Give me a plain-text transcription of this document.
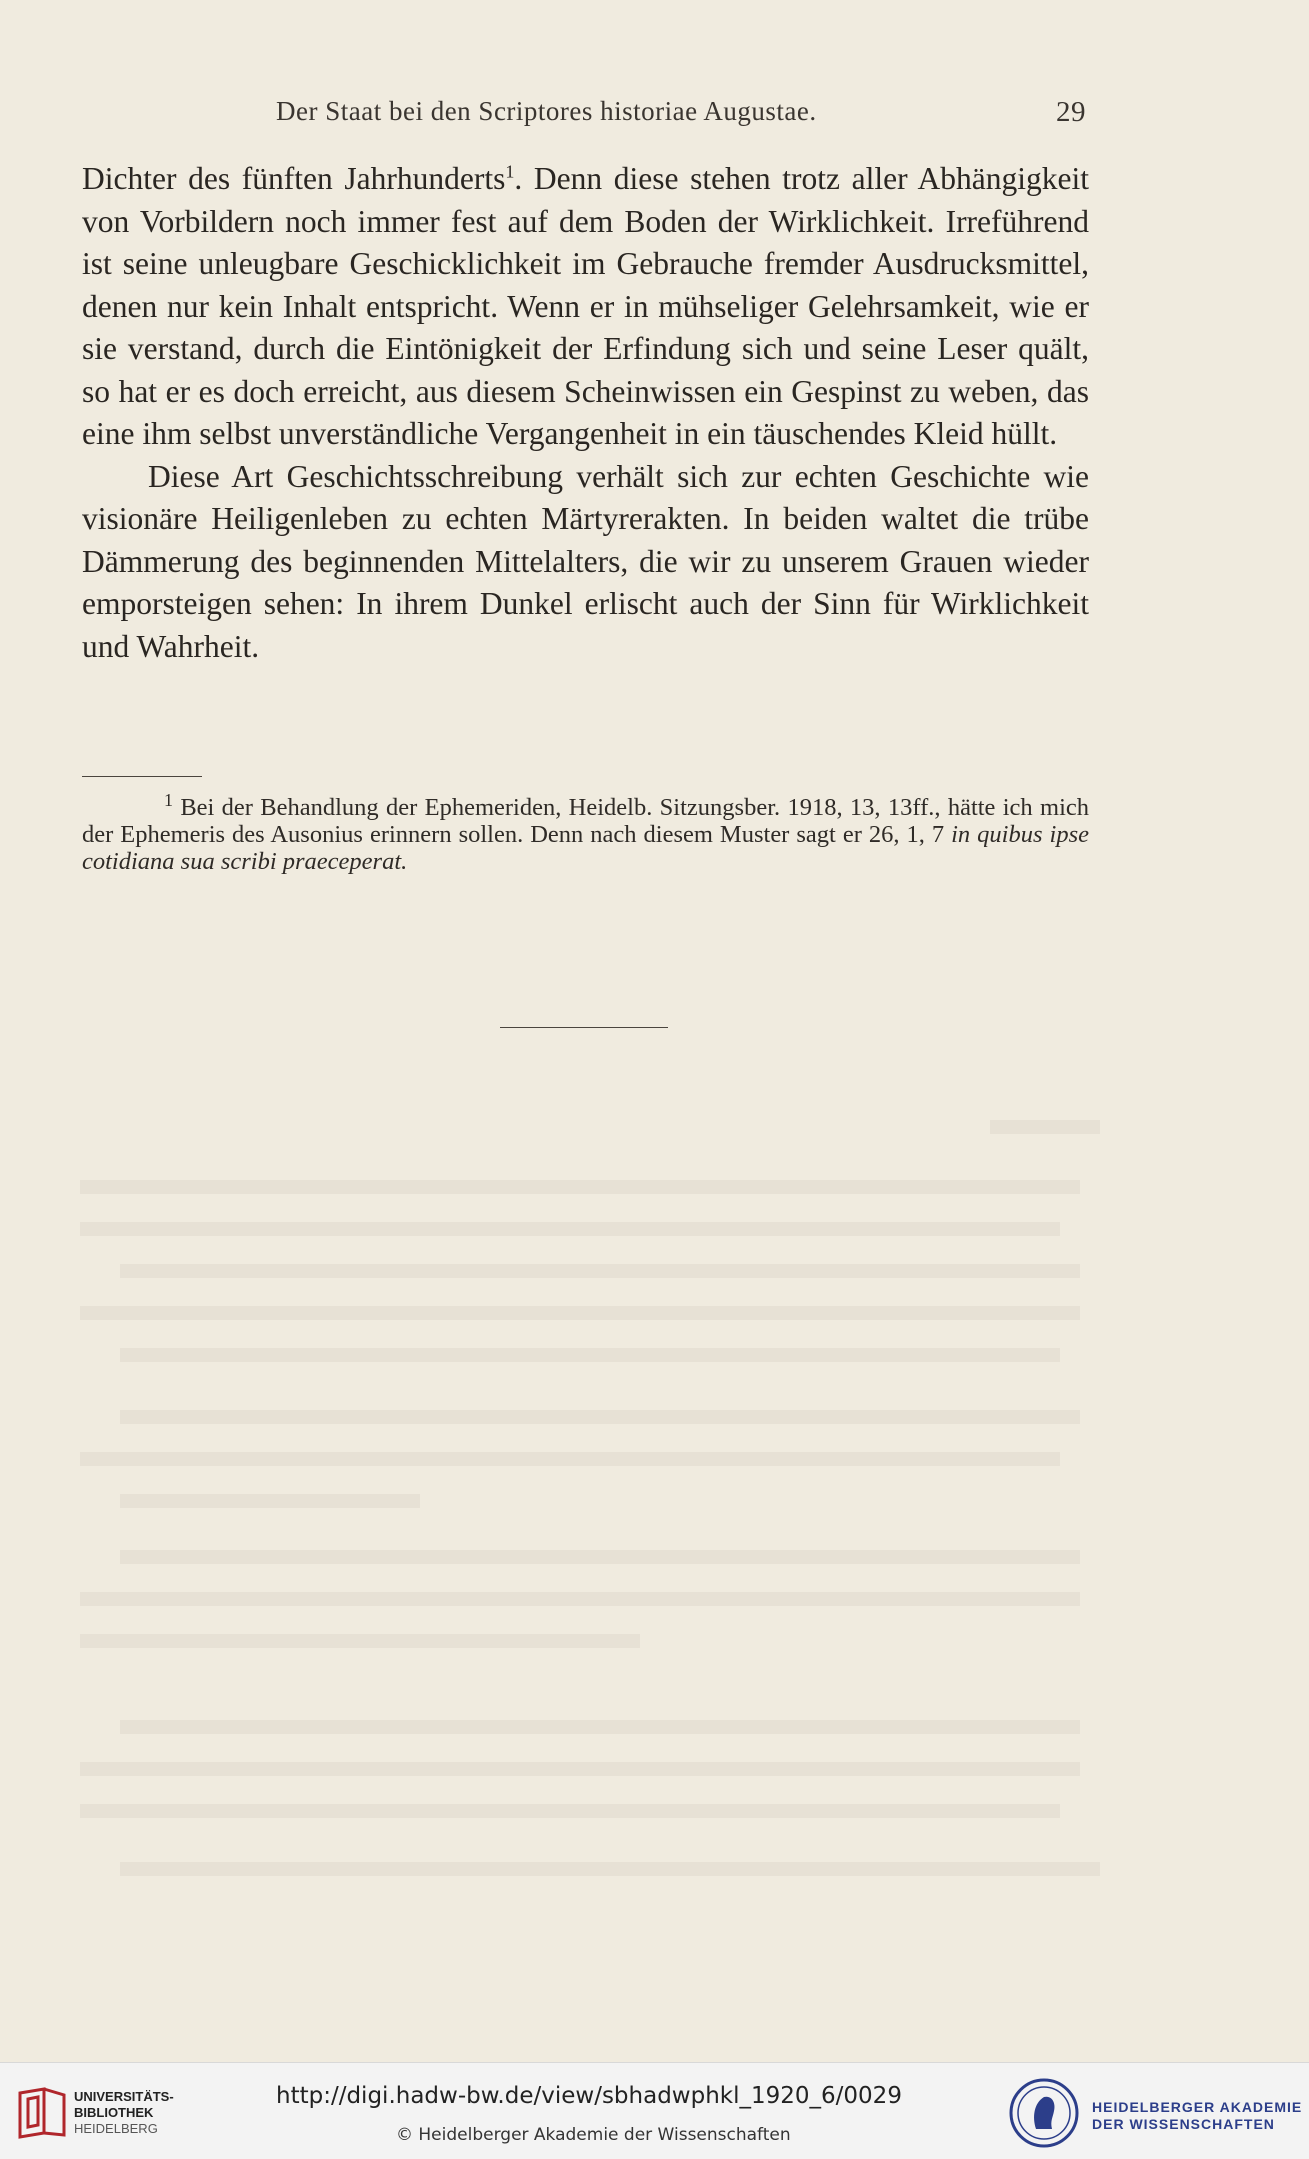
Der Staat bei den Scriptores historiae Augustae.	29

Dichter des fünften Jahrhunderts$^1$. Denn diese stehen trotz aller Abhängigkeit von Vorbildern noch immer fest auf dem Boden der Wirklichkeit. Irreführend ist seine unleugbare Geschicklichkeit im Gebrauche fremder Ausdrucksmittel, denen nur kein Inhalt entspricht. Wenn er in mühseliger Gelehrsamkeit, wie er sie verstand, durch die Eintönigkeit der Erfindung sich und seine Leser quält, so hat er es doch erreicht, aus diesem Scheinwissen ein Gespinst zu weben, das eine ihm selbst unverständliche Vergangenheit in ein täuschendes Kleid hüllt.

Diese Art Geschichtsschreibung verhält sich zur echten Geschichte wie visionäre Heiligenleben zu echten Märtyrerakten. In beiden waltet die trübe Dämmerung des beginnenden Mittelalters, die wir zu unserem Grauen wieder emporsteigen sehen: In ihrem Dunkel erlischt auch der Sinn für Wirklichkeit und Wahrheit.

$^1$ Bei der Behandlung der Ephemeriden, Heidelb. Sitzungsber. 1918, 13, 13ff., hätte ich mich der Ephemeris des Ausonius erinnern sollen. Denn nach diesem Muster sagt er 26, 1, 7 in quibus ipse cotidiana sua scribi praeceperat.
UNIVERSITÄTS-
BIBLIOTHEK
HEIDELBERG
http://digi.hadw-bw.de/view/sbhadwphkl_1920_6/0029
© Heidelberger Akademie der Wissenschaften
HEIDELBERGER AKADEMIE
DER WISSENSCHAFTEN
